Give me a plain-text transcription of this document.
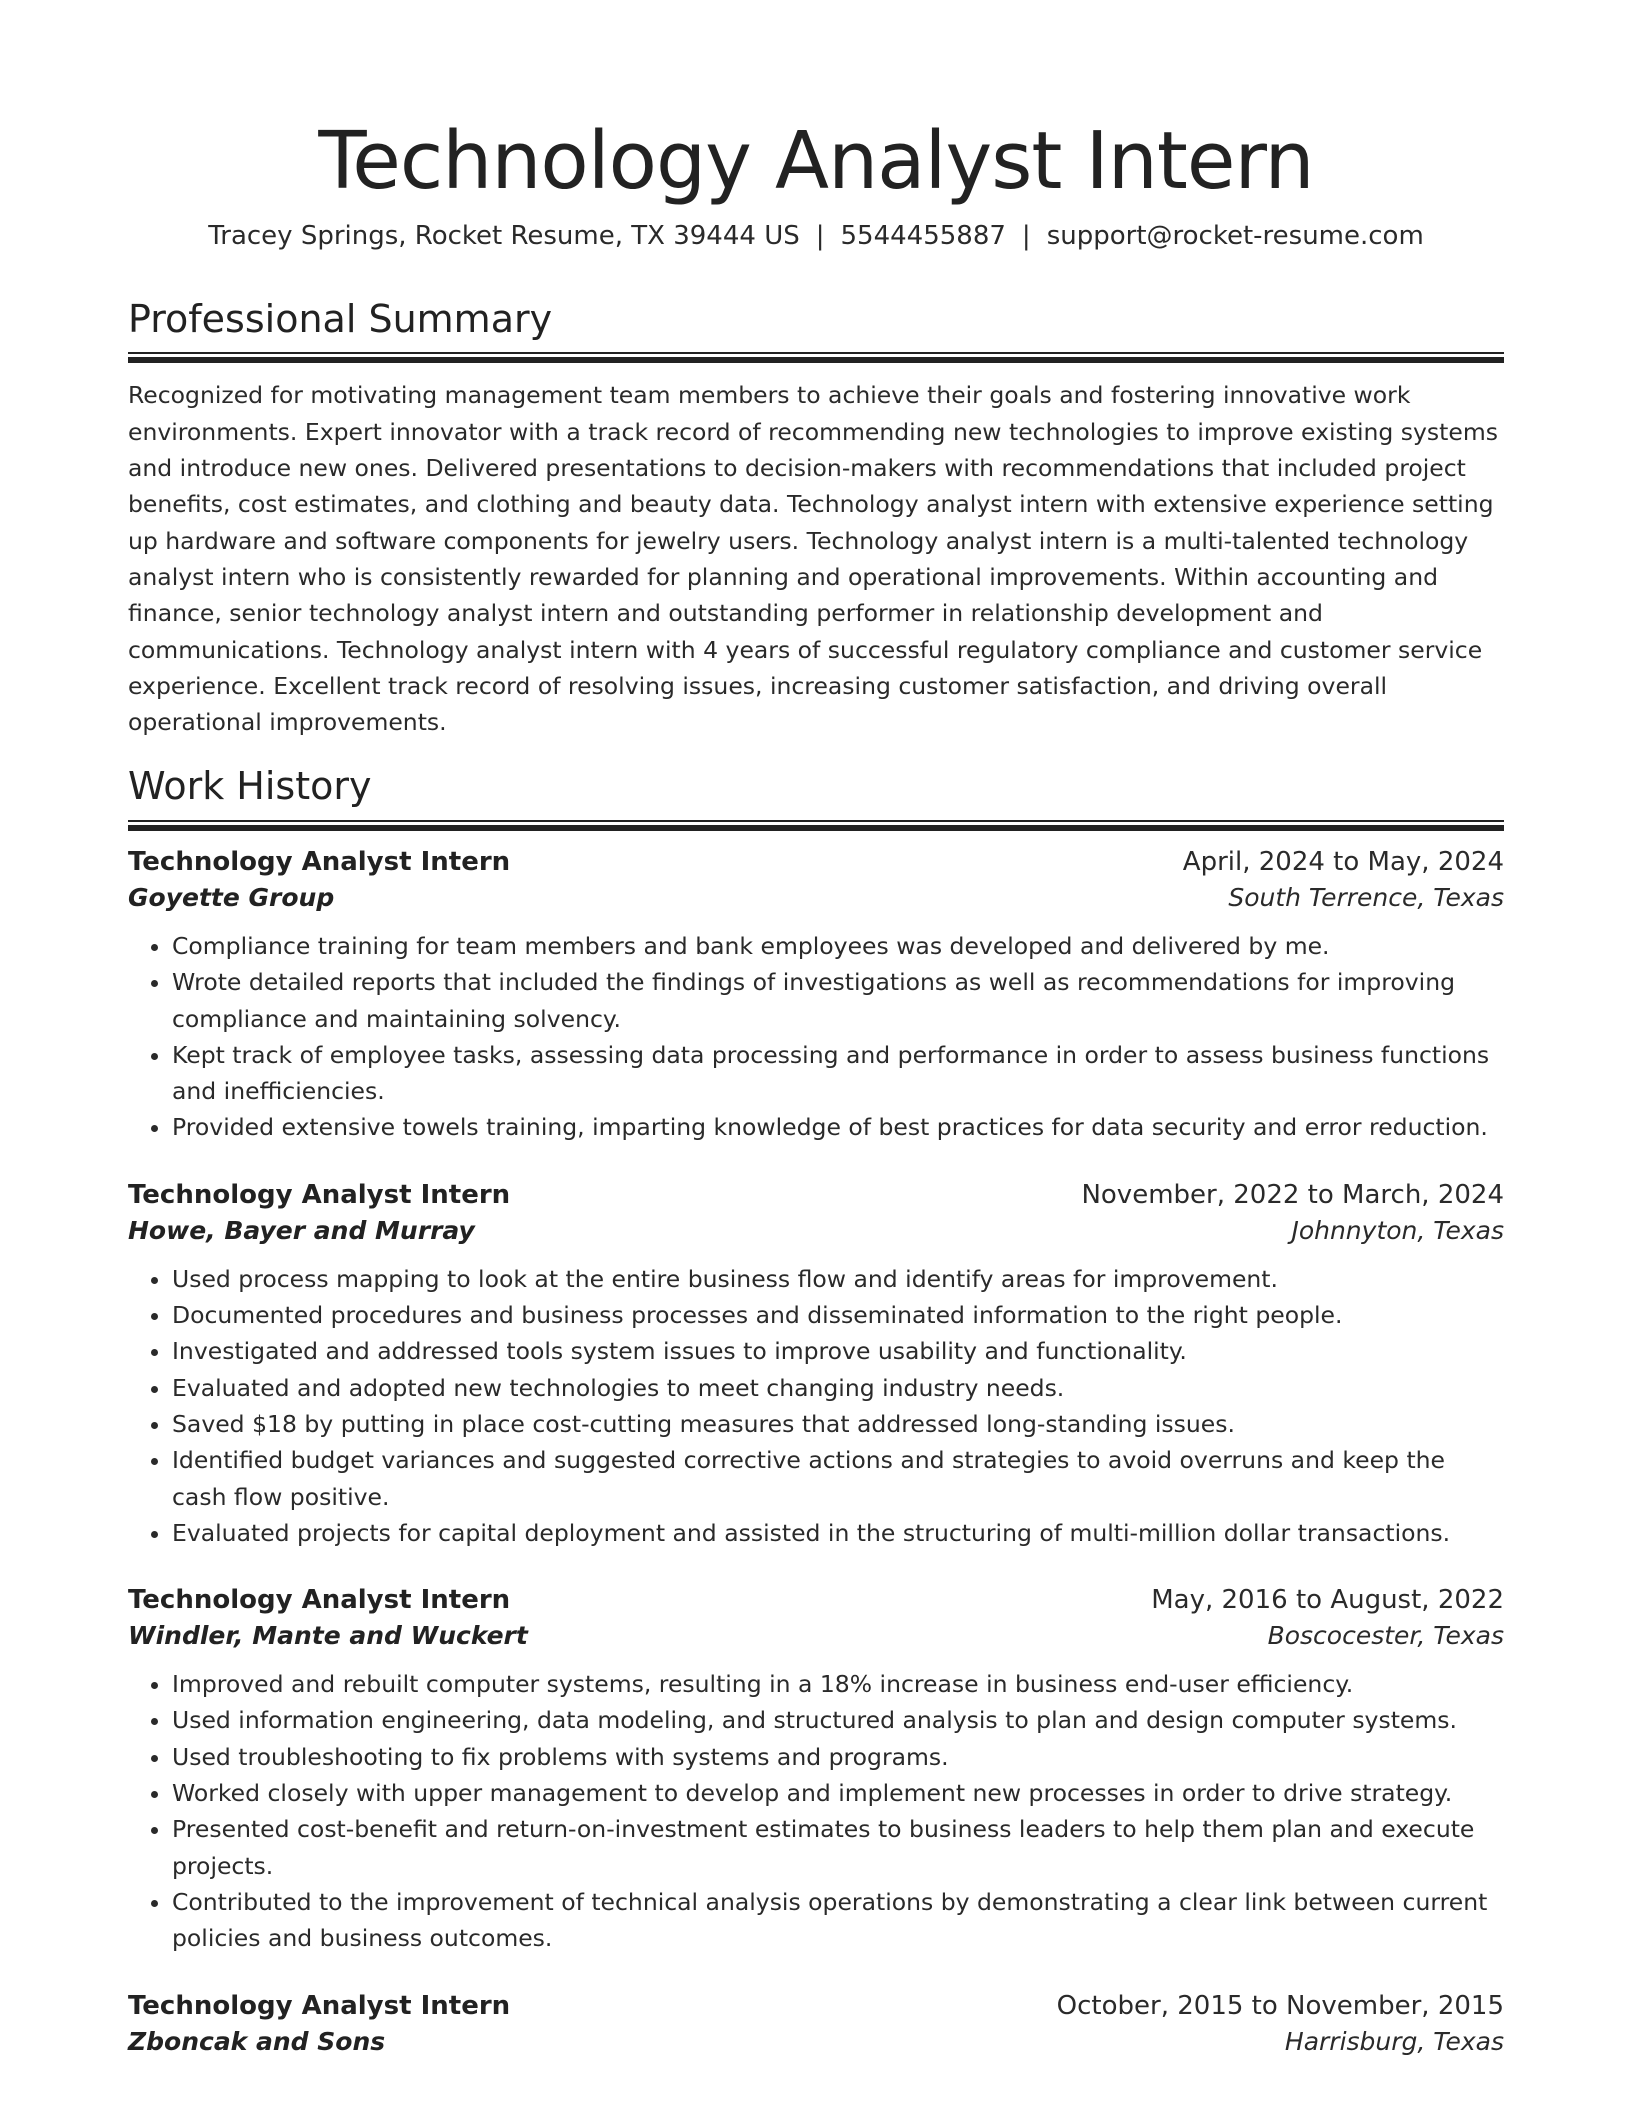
Technology Analyst Intern
Tracey Springs, Rocket Resume, TX 39444 US | 5544455887 | support@rocket-resume.com
Professional Summary

Recognized for motivating management team members to achieve their goals and fostering innovative work environments. Expert innovator with a track record of recommending new technologies to improve existing systems and introduce new ones. Delivered presentations to decision-makers with recommendations that included project benefits, cost estimates, and clothing and beauty data. Technology analyst intern with extensive experience setting up hardware and software components for jewelry users. Technology analyst intern is a multi-talented technology analyst intern who is consistently rewarded for planning and operational improvements. Within accounting and finance, senior technology analyst intern and outstanding performer in relationship development and communications. Technology analyst intern with 4 years of successful regulatory compliance and customer service experience. Excellent track record of resolving issues, increasing customer satisfaction, and driving overall operational improvements.

Work History
Technology Analyst Intern	April, 2024 to May, 2024
Goyette Group	South Terrence, Texas
• Compliance training for team members and bank employees was developed and delivered by me.
• Wrote detailed reports that included the findings of investigations as well as recommendations for improving compliance and maintaining solvency.
• Kept track of employee tasks, assessing data processing and performance in order to assess business functions and inefficiencies.
• Provided extensive towels training, imparting knowledge of best practices for data security and error reduction.
Technology Analyst Intern	November, 2022 to March, 2024
Howe, Bayer and Murray	Johnnyton, Texas
• Used process mapping to look at the entire business flow and identify areas for improvement.
• Documented procedures and business processes and disseminated information to the right people.
• Investigated and addressed tools system issues to improve usability and functionality.
• Evaluated and adopted new technologies to meet changing industry needs.
• Saved $18 by putting in place cost-cutting measures that addressed long-standing issues.
• Identified budget variances and suggested corrective actions and strategies to avoid overruns and keep the cash flow positive.
• Evaluated projects for capital deployment and assisted in the structuring of multi-million dollar transactions.
Technology Analyst Intern	May, 2016 to August, 2022
Windler, Mante and Wuckert	Boscocester, Texas
• Improved and rebuilt computer systems, resulting in a 18% increase in business end-user efficiency.
• Used information engineering, data modeling, and structured analysis to plan and design computer systems.
• Used troubleshooting to fix problems with systems and programs.
• Worked closely with upper management to develop and implement new processes in order to drive strategy.
• Presented cost-benefit and return-on-investment estimates to business leaders to help them plan and execute projects.
• Contributed to the improvement of technical analysis operations by demonstrating a clear link between current policies and business outcomes.
Technology Analyst Intern	October, 2015 to November, 2015
Zboncak and Sons	Harrisburg, Texas
